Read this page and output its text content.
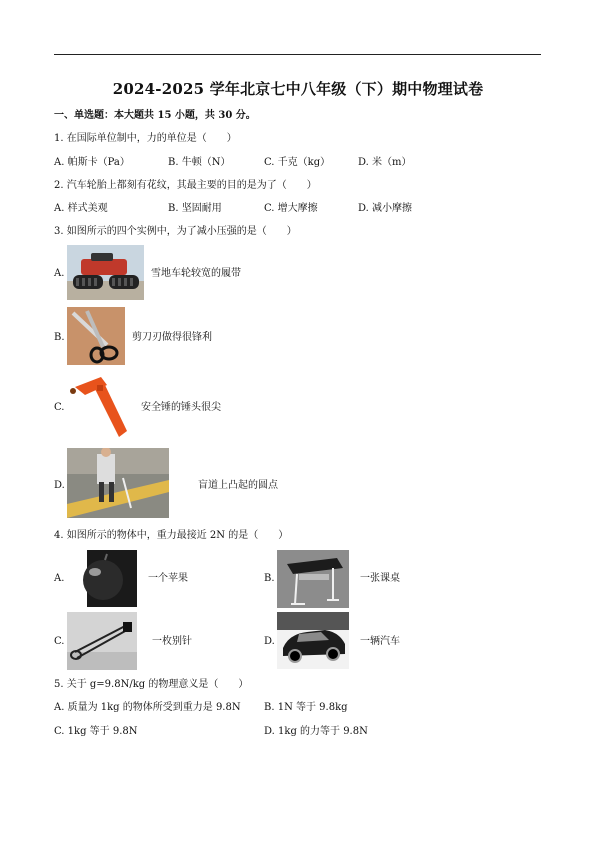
2024-2025 学年北京七中八年级（下）期中物理试卷
一、单选题：本大题共 15 小题，共 30 分。
1. 在国际单位制中，力的单位是（　　）
A. 帕斯卡（Pa）	B. 牛顿（N）	C. 千克（kg）	D. 米（m）
2. 汽车轮胎上都刻有花纹，其最主要的目的是为了（　　）
A. 样式美观	B. 坚固耐用	C. 增大摩擦	D. 减小摩擦
3. 如图所示的四个实例中，为了减小压强的是（　　）
A.	雪地车轮较宽的履带
B.	剪刀刃做得很锋利
C.	安全锤的锤头很尖
D.	盲道上凸起的圆点
4. 如图所示的物体中，重力最接近 2N 的是（　　）
A.	一个苹果	B.	一张课桌
C.	一枚别针	D.	一辆汽车
5. 关于 g=9.8N/kg 的物理意义是（　　）
A. 质量为 1kg 的物体所受到重力是 9.8N B. 1N 等于 9.8kg
C. 1kg 等于 9.8N	D. 1kg 的力等于 9.8N
